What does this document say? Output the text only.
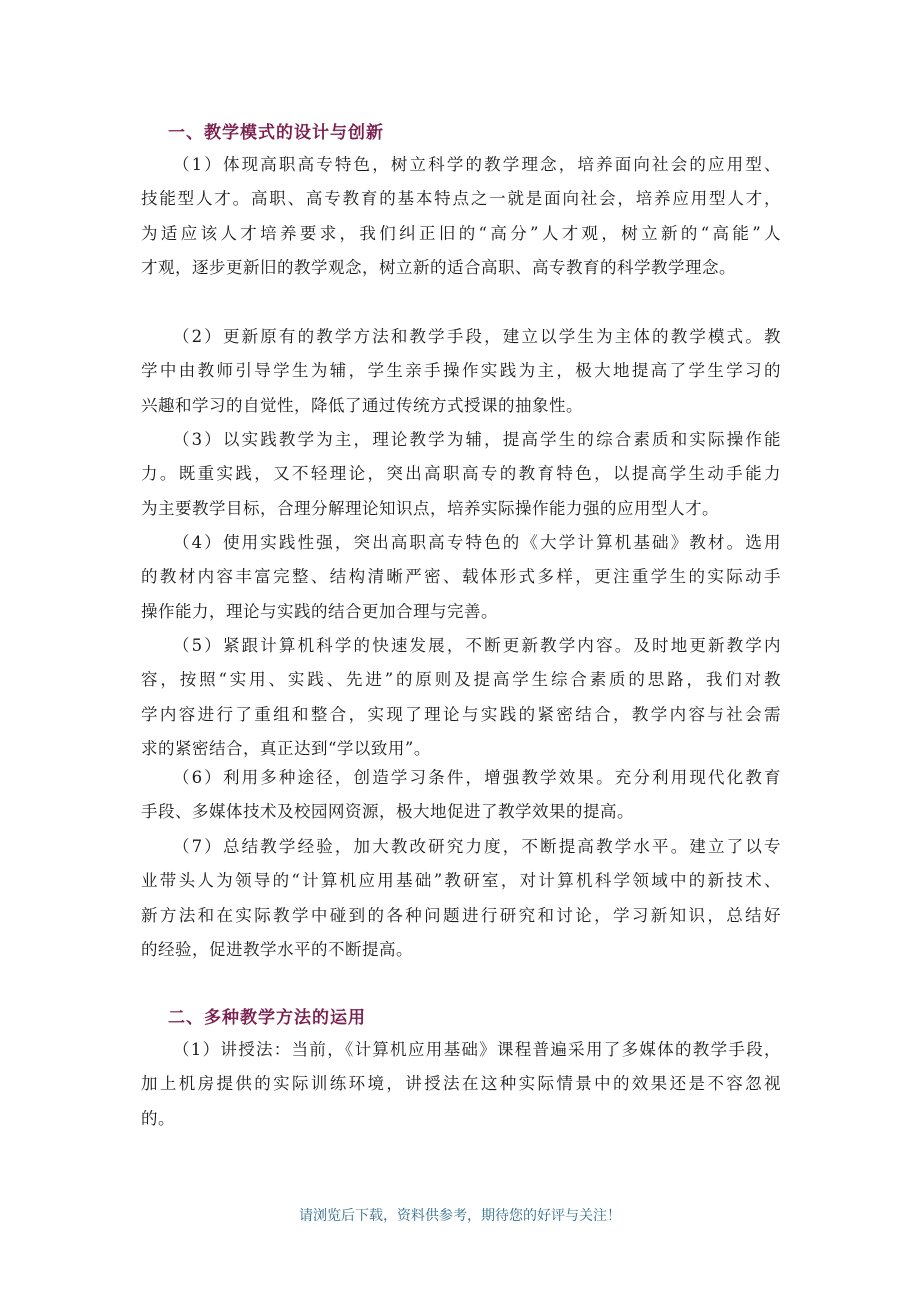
一、教学模式的设计与创新
（1）体现高职高专特色，树立科学的教学理念，培养面向社会的应用型、
技能型人才。高职、高专教育的基本特点之一就是面向社会，培养应用型人才，
为适应该人才培养要求，我们纠正旧的“高分”人才观，树立新的“高能”人
才观，逐步更新旧的教学观念，树立新的适合高职、高专教育的科学教学理念。
（2）更新原有的教学方法和教学手段，建立以学生为主体的教学模式。教
学中由教师引导学生为辅，学生亲手操作实践为主，极大地提高了学生学习的
兴趣和学习的自觉性，降低了通过传统方式授课的抽象性。
（3）以实践教学为主，理论教学为辅，提高学生的综合素质和实际操作能
力。既重实践，又不轻理论，突出高职高专的教育特色，以提高学生动手能力
为主要教学目标，合理分解理论知识点，培养实际操作能力强的应用型人才。
（4）使用实践性强，突出高职高专特色的《大学计算机基础》教材。选用
的教材内容丰富完整、结构清晰严密、载体形式多样，更注重学生的实际动手
操作能力，理论与实践的结合更加合理与完善。
（5）紧跟计算机科学的快速发展，不断更新教学内容。及时地更新教学内
容，按照“实用、实践、先进”的原则及提高学生综合素质的思路，我们对教
学内容进行了重组和整合，实现了理论与实践的紧密结合，教学内容与社会需
求的紧密结合，真正达到“学以致用”。
（6）利用多种途径，创造学习条件，增强教学效果。充分利用现代化教育
手段、多媒体技术及校园网资源，极大地促进了教学效果的提高。
（7）总结教学经验，加大教改研究力度，不断提高教学水平。建立了以专
业带头人为领导的“计算机应用基础”教研室，对计算机科学领域中的新技术、
新方法和在实际教学中碰到的各种问题进行研究和讨论，学习新知识，总结好
的经验，促进教学水平的不断提高。
二、多种教学方法的运用
（1）讲授法：当前，《计算机应用基础》课程普遍采用了多媒体的教学手段，
加上机房提供的实际训练环境，讲授法在这种实际情景中的效果还是不容忽视
的。
请浏览后下载，资料供参考，期待您的好评与关注！
